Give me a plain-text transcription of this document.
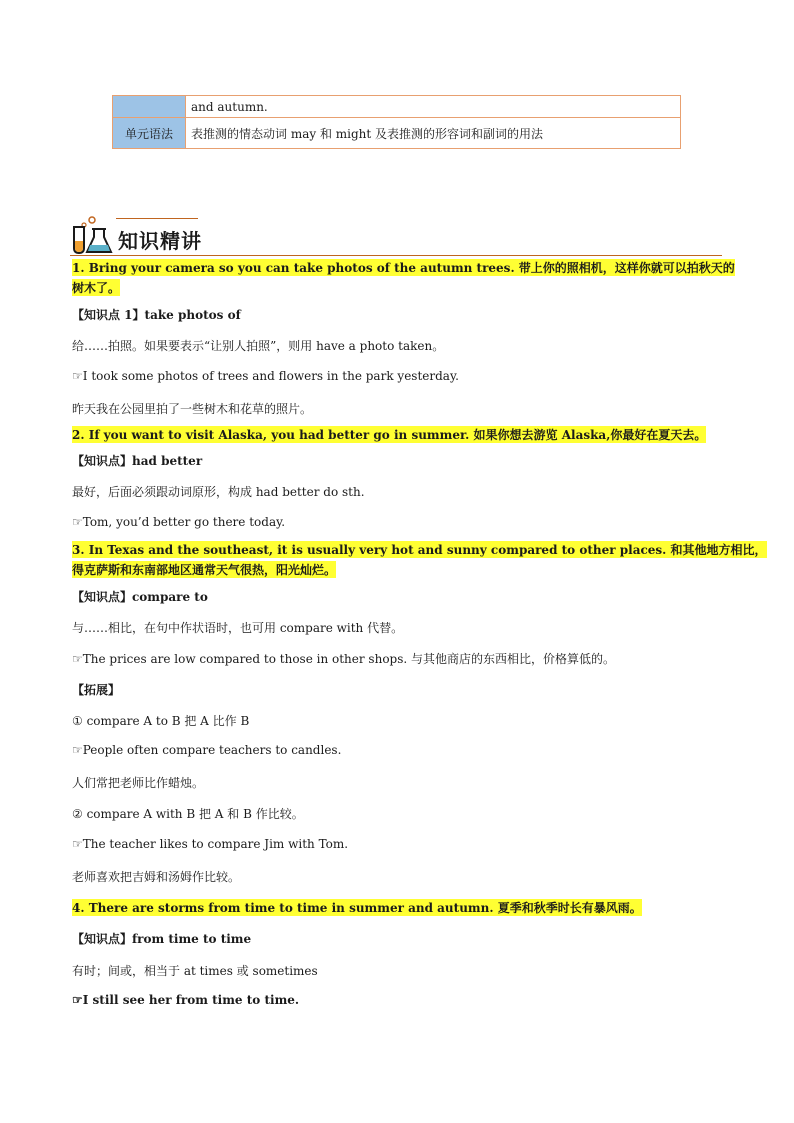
	and autumn.
单元语法	表推测的情态动词 may 和 might 及表推测的形容词和副词的用法
知识精讲
1. Bring your camera so you can take photos of the autumn trees. 带上你的照相机，这样你就可以拍秋天的
树木了。
【知识点 1】take photos of
给……拍照。如果要表示“让别人拍照”，则用 have a photo taken。
☞I took some photos of trees and flowers in the park yesterday.
昨天我在公园里拍了一些树木和花草的照片。
2. If you want to visit Alaska, you had better go in summer. 如果你想去游览 Alaska,你最好在夏天去。
【知识点】had better
最好，后面必须跟动词原形，构成 had better do sth.
☞Tom, you’d better go there today.
3. In Texas and the southeast, it is usually very hot and sunny compared to other places. 和其他地方相比，
得克萨斯和东南部地区通常天气很热，阳光灿烂。
【知识点】compare to
与……相比，在句中作状语时，也可用 compare with 代替。
☞The prices are low compared to those in other shops. 与其他商店的东西相比，价格算低的。
【拓展】
① compare A to B 把 A 比作 B
☞People often compare teachers to candles.
人们常把老师比作蜡烛。
② compare A with B 把 A 和 B 作比较。
☞The teacher likes to compare Jim with Tom.
老师喜欢把吉姆和汤姆作比较。
4. There are storms from time to time in summer and autumn. 夏季和秋季时长有暴风雨。
【知识点】from time to time
有时；间或，相当于 at times 或 sometimes
☞I still see her from time to time.
